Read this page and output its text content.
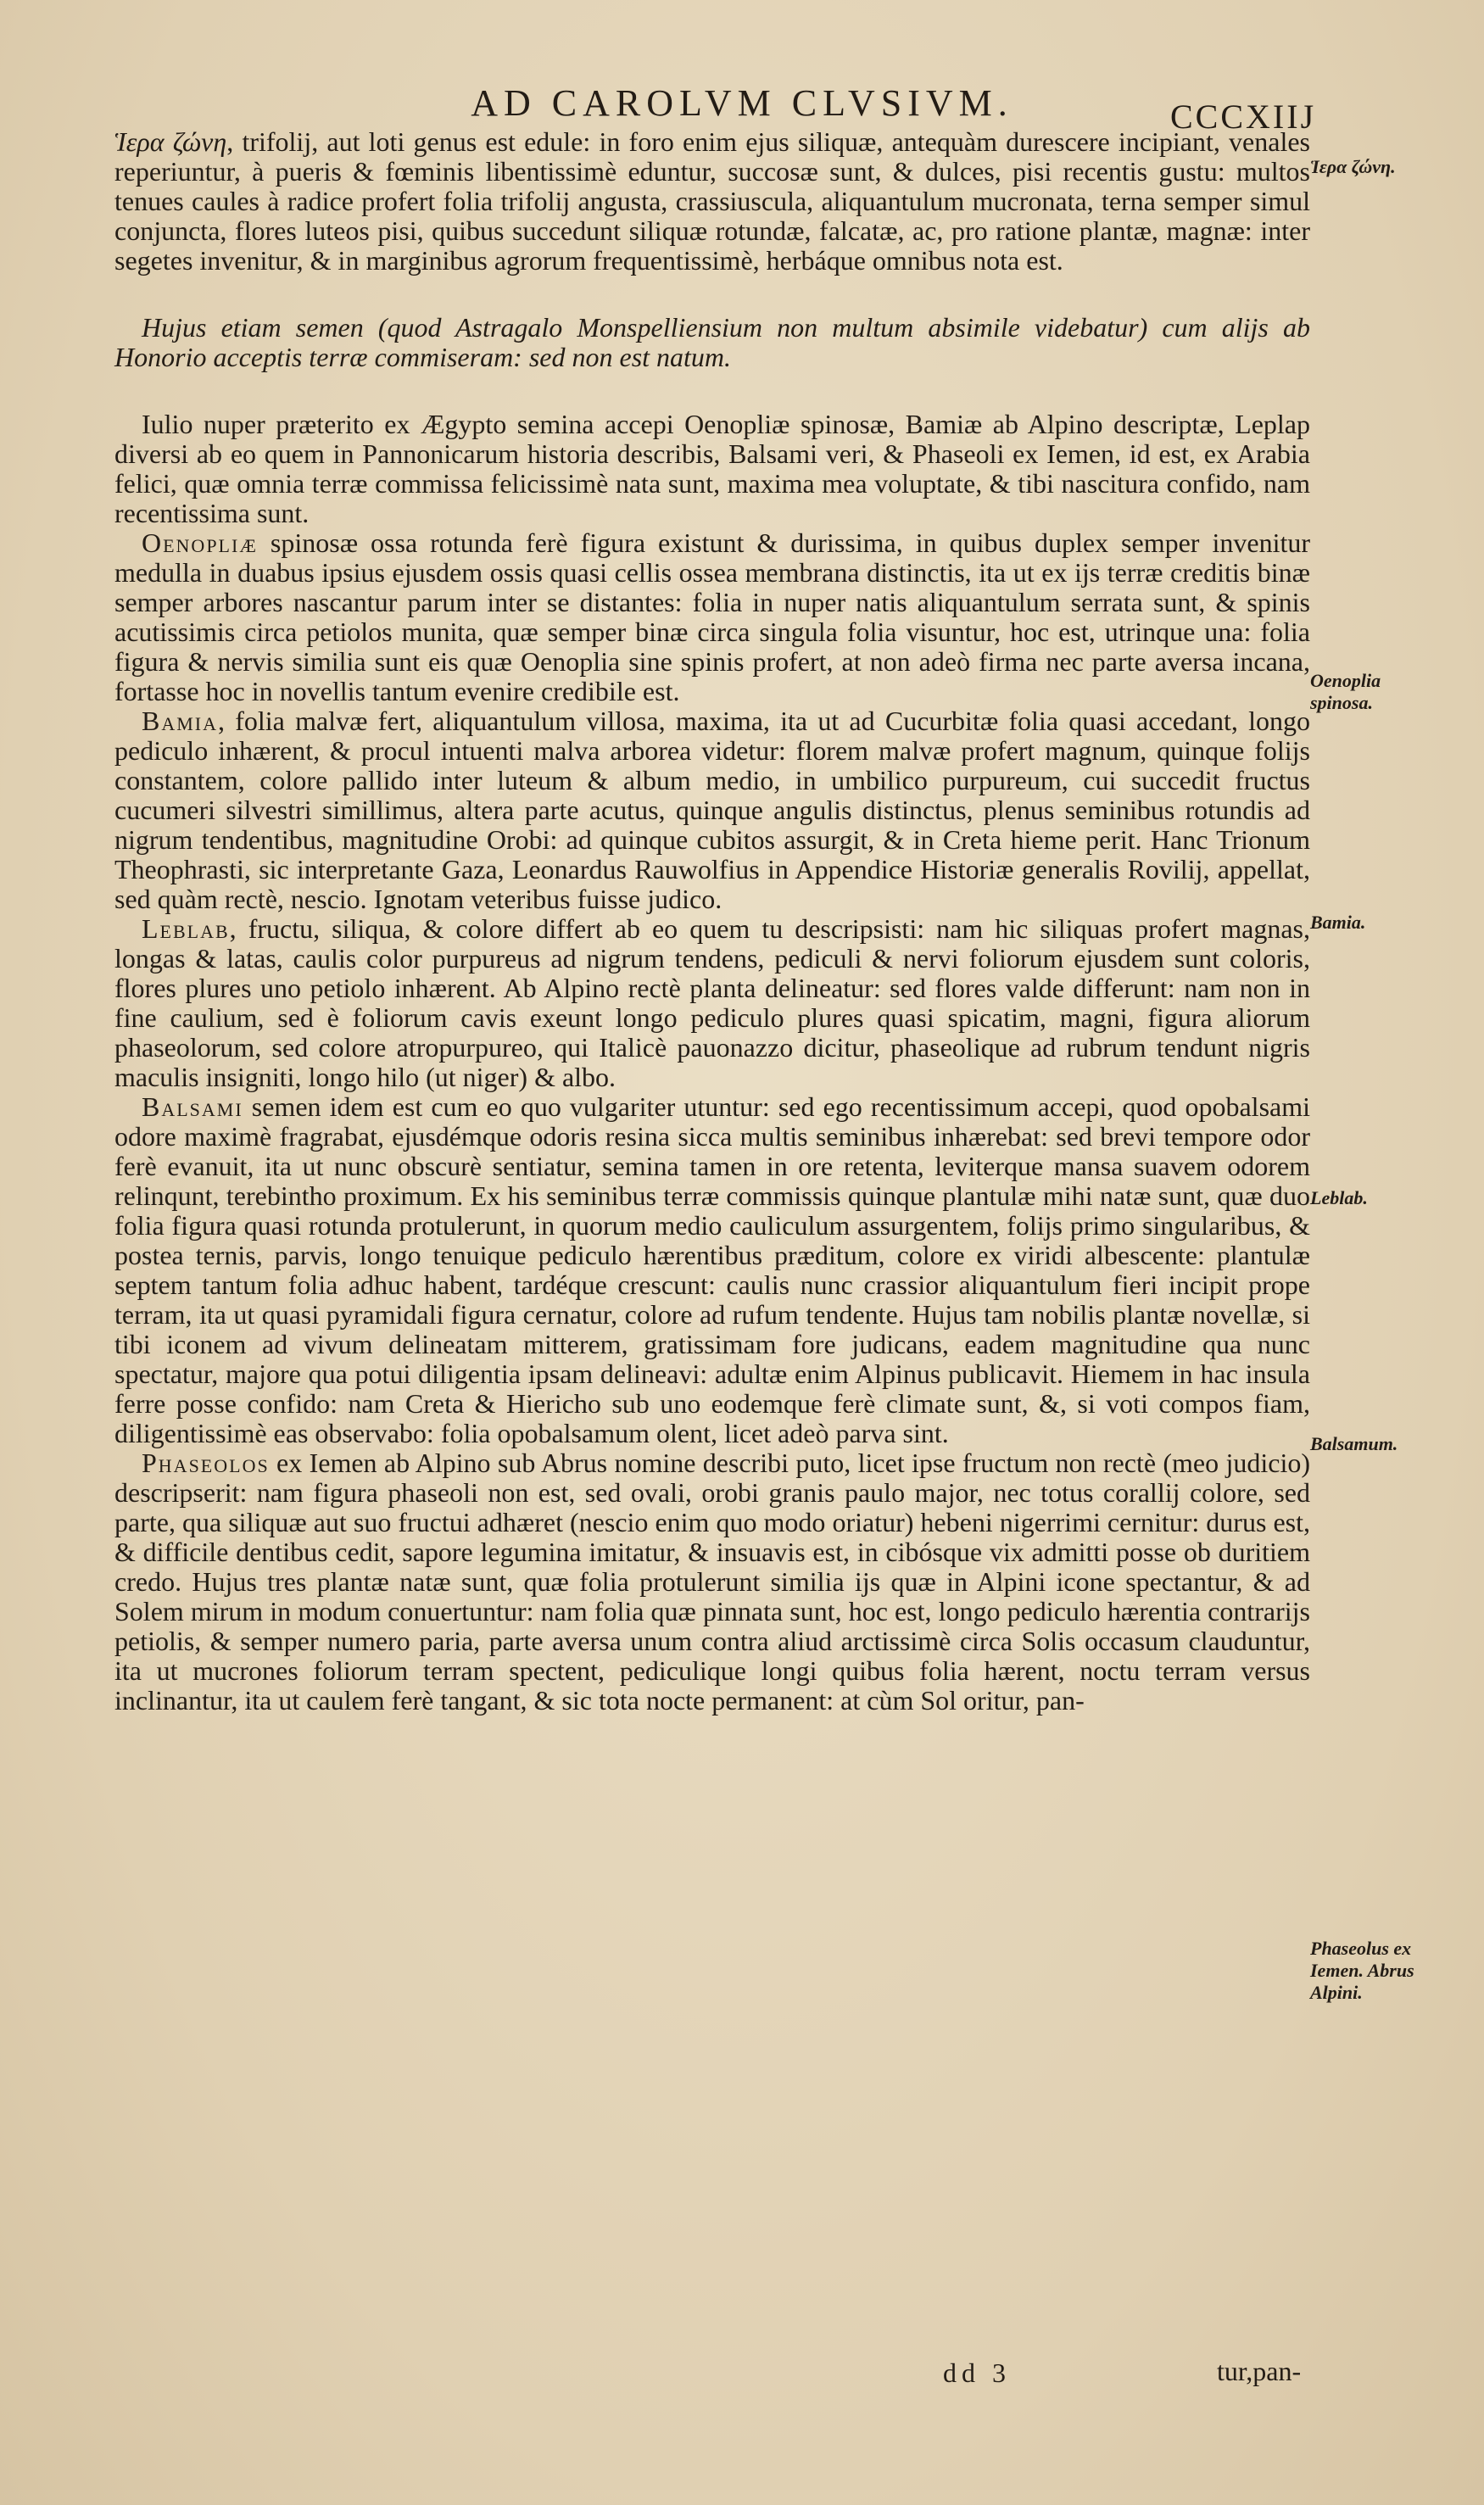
AD CAROLVM CLVSIVM.	CCCXIIJ

Ἱερα ζώνη, trifolij, aut loti genus est edule: in foro enim ejus siliquæ, antequàm durescere incipiant, venales reperiuntur, à pueris & fœminis libentissimè eduntur, succosæ sunt, & dulces, pisi recentis gustu: multos tenues caules à radice profert folia trifolij angusta, crassiuscula, aliquantulum mucronata, terna semper simul conjuncta, flores luteos pisi, quibus succedunt siliquæ rotundæ, falcatæ, ac, pro ratione plantæ, magnæ: inter segetes invenitur, & in marginibus agrorum frequentissimè, herbáque omnibus nota est.

Hujus etiam semen (quod Astragalo Monspelliensium non multum absimile videbatur) cum alijs ab Honorio acceptis terræ commiseram: sed non est natum.

Iulio nuper præterito ex Ægypto semina accepi Oenopliæ spinosæ, Bamiæ ab Alpino descriptæ, Leplap diversi ab eo quem in Pannonicarum historia describis, Balsami veri, & Phaseoli ex Iemen, id est, ex Arabia felici, quæ omnia terræ commissa felicissimè nata sunt, maxima mea voluptate, & tibi nascitura confido, nam recentissima sunt.

Oenopliæ spinosæ ossa rotunda ferè figura existunt & durissima, in quibus duplex semper invenitur medulla in duabus ipsius ejusdem ossis quasi cellis ossea membrana distinctis, ita ut ex ijs terræ creditis binæ semper arbores nascantur parum inter se distantes: folia in nuper natis aliquantulum serrata sunt, & spinis acutissimis circa petiolos munita, quæ semper binæ circa singula folia visuntur, hoc est, utrinque una: folia figura & nervis similia sunt eis quæ Oenoplia sine spinis profert, at non adeò firma nec parte aversa incana, fortasse hoc in novellis tantum evenire credibile est.

Bamia, folia malvæ fert, aliquantulum villosa, maxima, ita ut ad Cucurbitæ folia quasi accedant, longo pediculo inhærent, & procul intuenti malva arborea videtur: florem malvæ profert magnum, quinque folijs constantem, colore pallido inter luteum & album medio, in umbilico purpureum, cui succedit fructus cucumeri silvestri simillimus, altera parte acutus, quinque angulis distinctus, plenus seminibus rotundis ad nigrum tendentibus, magnitudine Orobi: ad quinque cubitos assurgit, & in Creta hieme perit. Hanc Trionum Theophrasti, sic interpretante Gaza, Leonardus Rauwolfius in Appendice Historiæ generalis Rovilij, appellat, sed quàm rectè, nescio. Ignotam veteribus fuisse judico.

Leblab, fructu, siliqua, & colore differt ab eo quem tu descripsisti: nam hic siliquas profert magnas, longas & latas, caulis color purpureus ad nigrum tendens, pediculi & nervi foliorum ejusdem sunt coloris, flores plures uno petiolo inhærent. Ab Alpino rectè planta delineatur: sed flores valde differunt: nam non in fine caulium, sed è foliorum cavis exeunt longo pediculo plures quasi spicatim, magni, figura aliorum phaseolorum, sed colore atropurpureo, qui Italicè pauonazzo dicitur, phaseolique ad rubrum tendunt nigris maculis insigniti, longo hilo (ut niger) & albo.

Balsami semen idem est cum eo quo vulgariter utuntur: sed ego recentissimum accepi, quod opobalsami odore maximè fragrabat, ejusdémque odoris resina sicca multis seminibus inhærebat: sed brevi tempore odor ferè evanuit, ita ut nunc obscurè sentiatur, semina tamen in ore retenta, leviterque mansa suavem odorem relinqunt, terebintho proximum. Ex his seminibus terræ commissis quinque plantulæ mihi natæ sunt, quæ duo folia figura quasi rotunda protulerunt, in quorum medio cauliculum assurgentem, folijs primo singularibus, & postea ternis, parvis, longo tenuique pediculo hærentibus præditum, colore ex viridi albescente: plantulæ septem tantum folia adhuc habent, tardéque crescunt: caulis nunc crassior aliquantulum fieri incipit prope terram, ita ut quasi pyramidali figura cernatur, colore ad rufum tendente. Hujus tam nobilis plantæ novellæ, si tibi iconem ad vivum delineatam mitterem, gratissimam fore judicans, eadem magnitudine qua nunc spectatur, majore qua potui diligentia ipsam delineavi: adultæ enim Alpinus publicavit. Hiemem in hac insula ferre posse confido: nam Creta & Hiericho sub uno eodemque ferè climate sunt, &, si voti compos fiam, diligentissimè eas observabo: folia opobalsamum olent, licet adeò parva sint.

Phaseolos ex Iemen ab Alpino sub Abrus nomine describi puto, licet ipse fructum non rectè (meo judicio) descripserit: nam figura phaseoli non est, sed ovali, orobi granis paulo major, nec totus corallij colore, sed parte, qua siliquæ aut suo fructui adhæret (nescio enim quo modo oriatur) hebeni nigerrimi cernitur: durus est, & difficile dentibus cedit, sapore legumina imitatur, & insuavis est, in cibósque vix admitti posse ob duritiem credo. Hujus tres plantæ natæ sunt, quæ folia protulerunt similia ijs quæ in Alpini icone spectantur, & ad Solem mirum in modum conuertuntur: nam folia quæ pinnata sunt, hoc est, longo pediculo hærentia contrarijs petiolis, & semper numero paria, parte aversa unum contra aliud arctissimè circa Solis occasum clauduntur, ita ut mucrones foliorum terram spectent, pediculique longi quibus folia hærent, noctu terram versus inclinantur, ita ut caulem ferè tangant, & sic tota nocte permanent: at cùm Sol oritur, pan-

Ἱερα ζώνη.
Oenoplia spinosa.
Bamia.
Leblab.
Balsamum.
Phaseolus ex Iemen. Abrus Alpini.
dd 3	tur,pan-
